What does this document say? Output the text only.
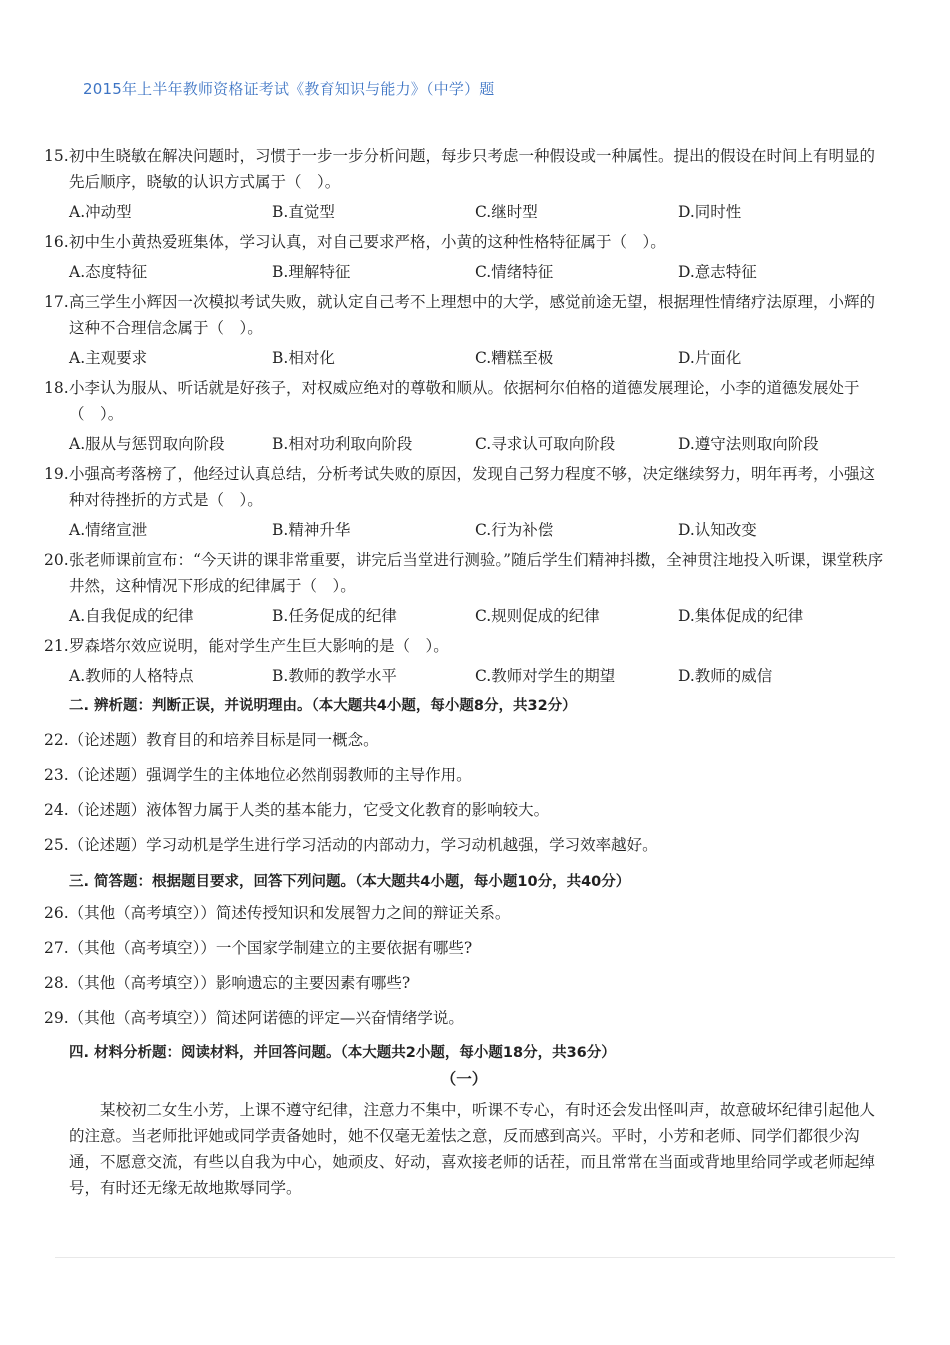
2015年上半年教师资格证考试《教育知识与能力》（中学）题
15. 初中生晓敏在解决问题时，习惯于一步一步分析问题，每步只考虑一种假设或一种属性。提出的假设在时间上有明显的先后顺序，晓敏的认识方式属于（　）。
A.冲动型	B.直觉型	C.继时型	D.同时性
16. 初中生小黄热爱班集体，学习认真，对自己要求严格，小黄的这种性格特征属于（　）。
A.态度特征	B.理解特征	C.情绪特征	D.意志特征
17. 高三学生小辉因一次模拟考试失败，就认定自己考不上理想中的大学，感觉前途无望，根据理性情绪疗法原理，小辉的这种不合理信念属于（　）。
A.主观要求	B.相对化	C.糟糕至极	D.片面化
18. 小李认为服从、听话就是好孩子，对权威应绝对的尊敬和顺从。依据柯尔伯格的道德发展理论，小李的道德发展处于（　）。
A.服从与惩罚取向阶段	B.相对功利取向阶段	C.寻求认可取向阶段	D.遵守法则取向阶段
19. 小强高考落榜了，他经过认真总结，分析考试失败的原因，发现自己努力程度不够，决定继续努力，明年再考，小强这种对待挫折的方式是（　）。
A.情绪宣泄	B.精神升华	C.行为补偿	D.认知改变
20. 张老师课前宣布：“今天讲的课非常重要，讲完后当堂进行测验。”随后学生们精神抖擞，全神贯注地投入听课，课堂秩序井然，这种情况下形成的纪律属于（　）。
A.自我促成的纪律	B.任务促成的纪律	C.规则促成的纪律	D.集体促成的纪律
21. 罗森塔尔效应说明，能对学生产生巨大影响的是（　）。
A.教师的人格特点	B.教师的教学水平	C.教师对学生的期望	D.教师的威信
二. 辨析题：判断正误，并说明理由。（本大题共4小题，每小题8分，共32分）
22.（论述题）教育目的和培养目标是同一概念。
23.（论述题）强调学生的主体地位必然削弱教师的主导作用。
24.（论述题）液体智力属于人类的基本能力，它受文化教育的影响较大。
25.（论述题）学习动机是学生进行学习活动的内部动力，学习动机越强，学习效率越好。
三. 简答题：根据题目要求，回答下列问题。（本大题共4小题，每小题10分，共40分）
26.（其他（高考填空））简述传授知识和发展智力之间的辩证关系。
27.（其他（高考填空））一个国家学制建立的主要依据有哪些?
28.（其他（高考填空））影响遗忘的主要因素有哪些?
29.（其他（高考填空））简述阿诺德的评定—兴奋情绪学说。
四. 材料分析题：阅读材料，并回答问题。（本大题共2小题，每小题18分，共36分）
（一）
某校初二女生小芳，上课不遵守纪律，注意力不集中，听课不专心，有时还会发出怪叫声，故意破坏纪律引起他人的注意。当老师批评她或同学责备她时，她不仅毫无羞怯之意，反而感到高兴。平时，小芳和老师、同学们都很少沟通，不愿意交流，有些以自我为中心，她顽皮、好动，喜欢接老师的话茬，而且常常在当面或背地里给同学或老师起绰号，有时还无缘无故地欺辱同学。
